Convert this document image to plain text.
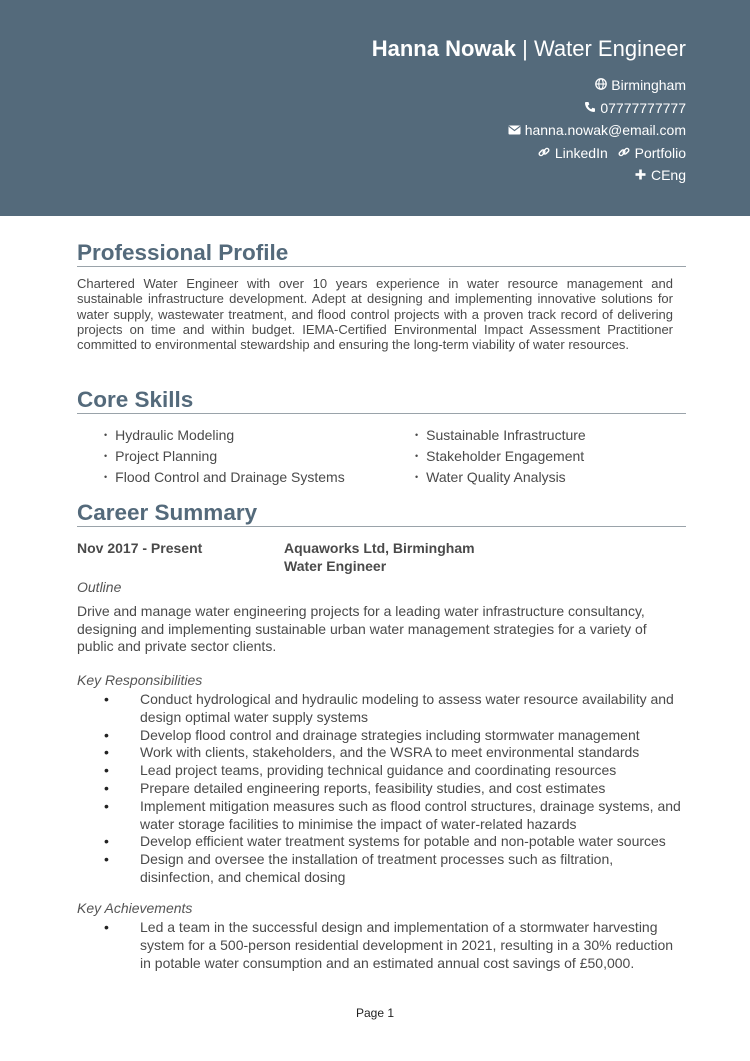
Hanna Nowak | Water Engineer
Birmingham
07777777777
hanna.nowak@email.com
LinkedIn Portfolio
CEng
Professional Profile
Chartered Water Engineer with over 10 years experience in water resource management and sustainable infrastructure development. Adept at designing and implementing innovative solutions for water supply, wastewater treatment, and flood control projects with a proven track record of delivering projects on time and within budget. IEMA-Certified Environmental Impact Assessment Practitioner committed to environmental stewardship and ensuring the long-term viability of water resources.
Core Skills
• Hydraulic Modeling
• Project Planning
• Flood Control and Drainage Systems
• Sustainable Infrastructure
• Stakeholder Engagement
• Water Quality Analysis
Career Summary
Nov 2017 - Present	Aquaworks Ltd, Birmingham
Water Engineer
Outline
Drive and manage water engineering projects for a leading water infrastructure consultancy, designing and implementing sustainable urban water management strategies for a variety of public and private sector clients.
Key Responsibilities
• Conduct hydrological and hydraulic modeling to assess water resource availability and design optimal water supply systems
• Develop flood control and drainage strategies including stormwater management
• Work with clients, stakeholders, and the WSRA to meet environmental standards
• Lead project teams, providing technical guidance and coordinating resources
• Prepare detailed engineering reports, feasibility studies, and cost estimates
• Implement mitigation measures such as flood control structures, drainage systems, and water storage facilities to minimise the impact of water-related hazards
• Develop efficient water treatment systems for potable and non-potable water sources
• Design and oversee the installation of treatment processes such as filtration, disinfection, and chemical dosing
Key Achievements
• Led a team in the successful design and implementation of a stormwater harvesting system for a 500-person residential development in 2021, resulting in a 30% reduction in potable water consumption and an estimated annual cost savings of £50,000.
Page 1
